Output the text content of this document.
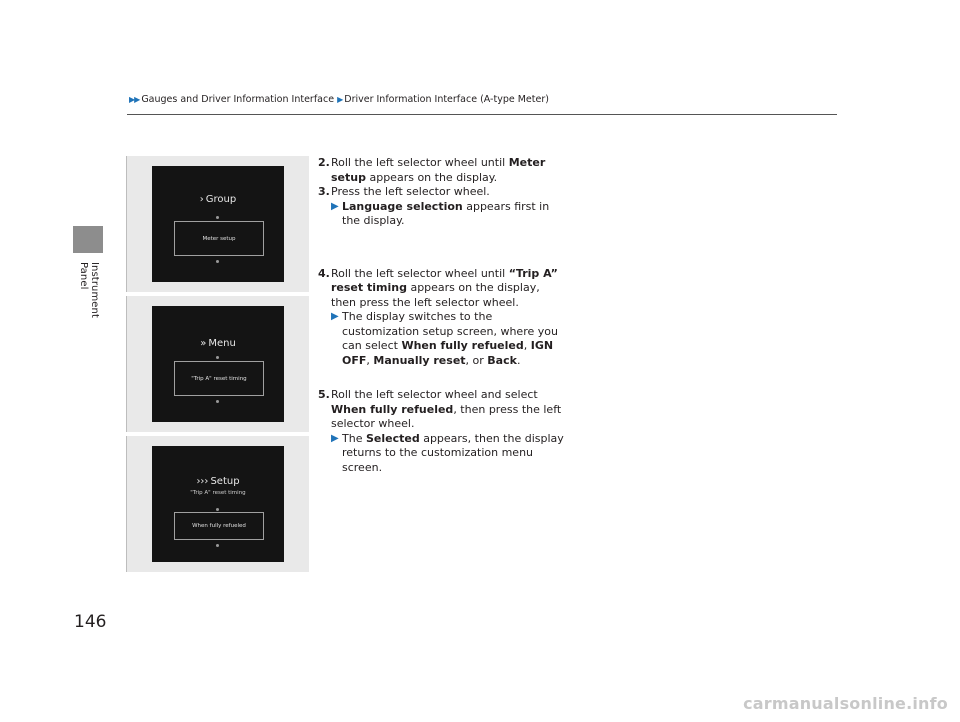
Instrument Panel
▶▶ Gauges and Driver Information Interface ▶ Driver Information Interface (A-type Meter)
› Group
Meter setup
» Menu
"Trip A" reset timing
››› Setup
"Trip A" reset timing
When fully refueled
2. Roll the left selector wheel until Meter setup appears on the display.
3. Press the left selector wheel.
▶ Language selection appears first in the display.
4. Roll the left selector wheel until “Trip A” reset timing appears on the display, then press the left selector wheel.
▶ The display switches to the customization setup screen, where you can select When fully refueled, IGN OFF, Manually reset, or Back.
5. Roll the left selector wheel and select When fully refueled, then press the left selector wheel.
▶ The Selected appears, then the display returns to the customization menu screen.
146
carmanualsonline.info
